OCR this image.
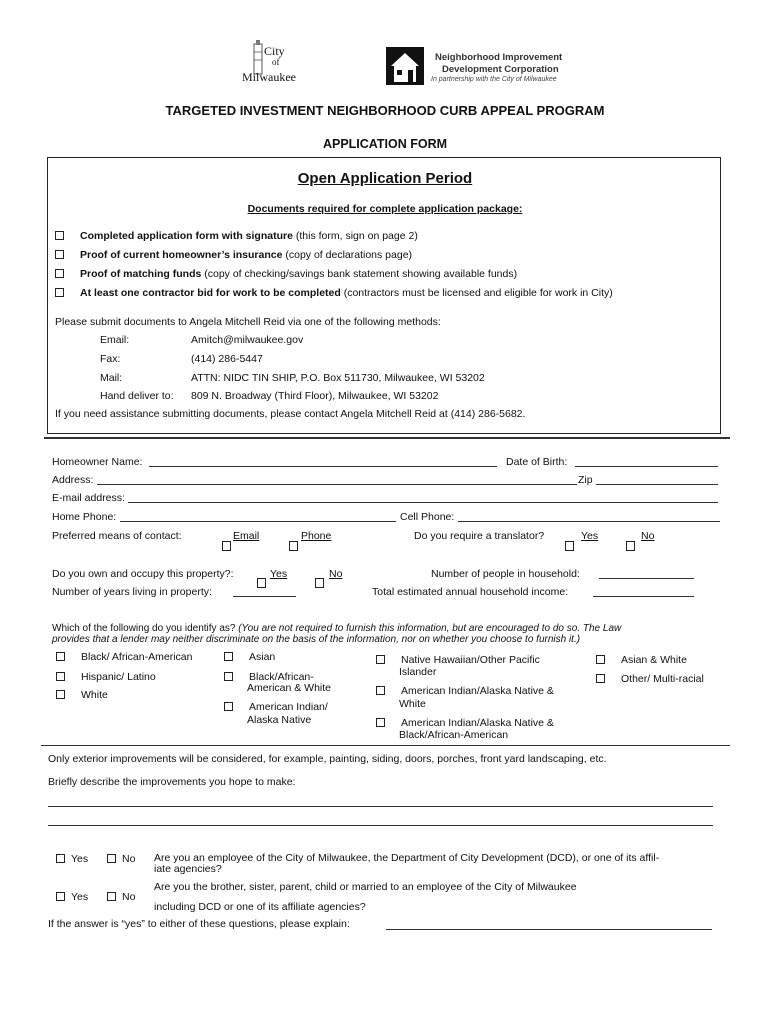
City
of
Milwaukee
Neighborhood Improvement
Development Corporation
In partnership with the City of Milwaukee
TARGETED INVESTMENT NEIGHBORHOOD CURB APPEAL PROGRAM
APPLICATION FORM
Open Application Period
Documents required for complete application package:
Completed application form with signature (this form, sign on page 2)
Proof of current homeowner’s insurance (copy of declarations page)
Proof of matching funds (copy of checking/savings bank statement showing available funds)
At least one contractor bid for work to be completed (contractors must be licensed and eligible for work in City)
Please submit documents to Angela Mitchell Reid via one of the following methods:
Email:	Amitch@milwaukee.gov
Fax:	(414) 286-5447
Mail:	ATTN: NIDC TIN SHIP, P.O. Box 511730, Milwaukee, WI 53202
Hand deliver to: 809 N. Broadway (Third Floor), Milwaukee, WI 53202
If you need assistance submitting documents, please contact Angela Mitchell Reid at (414) 286-5682.
Homeowner Name:	Date of Birth:
Address:	Zip
E-mail address:
Home Phone:	Cell Phone:
Preferred means of contact:	Email	Phone	Do you require a translator?	Yes	No
Do you own and occupy this property?:	Yes	No	Number of people in household:
Number of years living in property:	Total estimated annual household income:
Which of the following do you identify as? (You are not required to furnish this information, but are encouraged to do so. The Law
provides that a lender may neither discriminate on the basis of the information, nor on whether you choose to furnish it.)
Black/ African-American
Hispanic/ Latino
White
Asian
Black/African-
American & White
American Indian/
Alaska Native
Native Hawaiian/Other Pacific
Islander
American Indian/Alaska Native &
White
American Indian/Alaska Native &
Black/African-American
Asian & White
Other/ Multi-racial
Only exterior improvements will be considered, for example, painting, siding, doors, porches, front yard landscaping, etc.
Briefly describe the improvements you hope to make:
Yes	No Are you an employee of the City of Milwaukee, the Department of City Development (DCD), or one of its affil-
iate agencies?
Are you the brother, sister, parent, child or married to an employee of the City of Milwaukee
Yes	No
including DCD or one of its affiliate agencies?
If the answer is “yes” to either of these questions, please explain:
